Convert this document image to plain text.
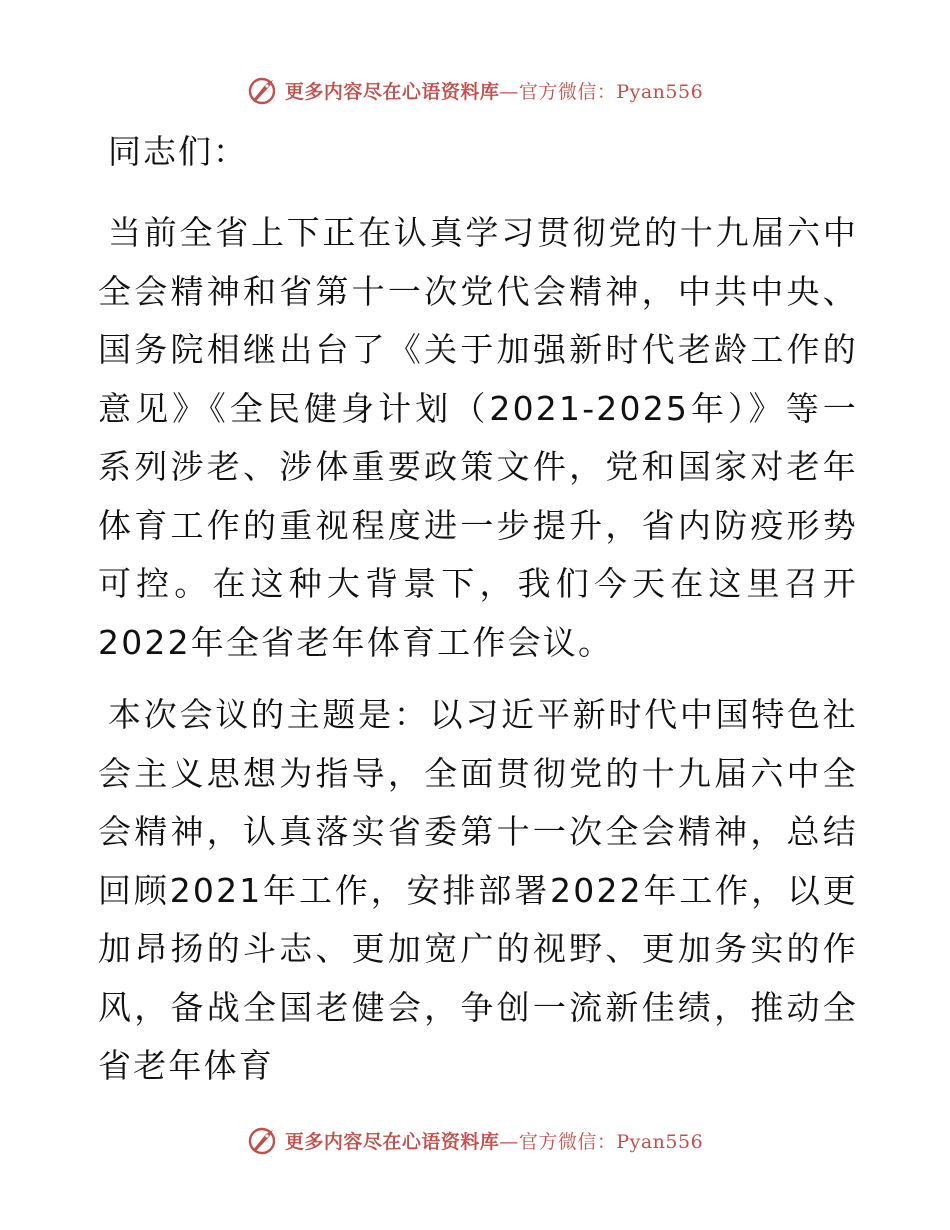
更多内容尽在心语资料库—官方微信：Pyan556
同志们：

当前全省上下正在认真学习贯彻党的十九届六中全会精神和省第十一次党代会精神，中共中央、国务院相继出台了《关于加强新时代老龄工作的意见》《全民健身计划（2021-2025年）》等一系列涉老、涉体重要政策文件，党和国家对老年体育工作的重视程度进一步提升，省内防疫形势可控。在这种大背景下，我们今天在这里召开2022年全省老年体育工作会议。

本次会议的主题是：以习近平新时代中国特色社会主义思想为指导，全面贯彻党的十九届六中全会精神，认真落实省委第十一次全会精神，总结回顾2021年工作，安排部署2022年工作，以更加昂扬的斗志、更加宽广的视野、更加务实的作风，备战全国老健会，争创一流新佳绩，推动全省老年体育

更多内容尽在心语资料库—官方微信：Pyan556
